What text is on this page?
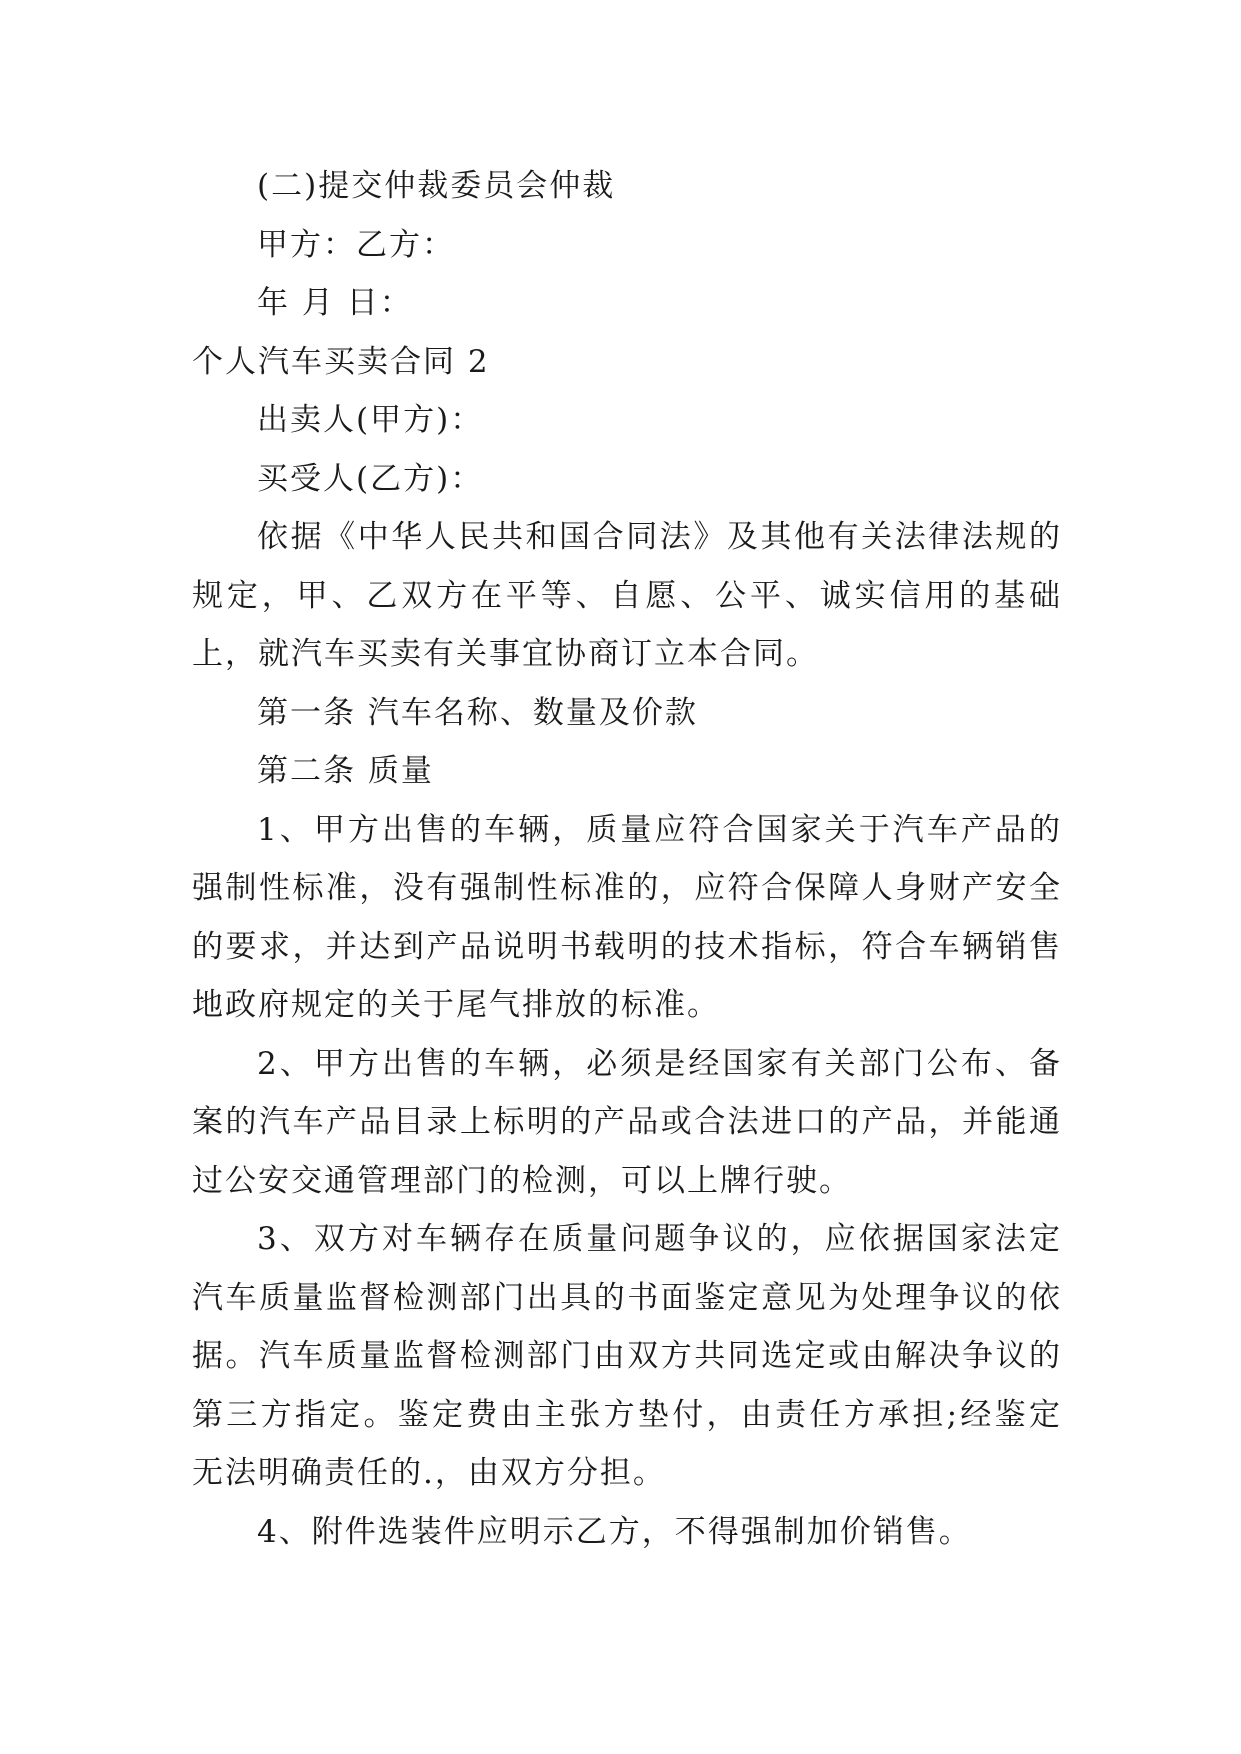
(二)提交仲裁委员会仲裁

甲方：乙方：

年 月 日：

个人汽车买卖合同 2

出卖人(甲方)：

买受人(乙方)：

依据《中华人民共和国合同法》及其他有关法律法规的规定，甲、乙双方在平等、自愿、公平、诚实信用的基础上，就汽车买卖有关事宜协商订立本合同。

第一条 汽车名称、数量及价款

第二条 质量

1、甲方出售的车辆，质量应符合国家关于汽车产品的强制性标准，没有强制性标准的，应符合保障人身财产安全的要求，并达到产品说明书载明的技术指标，符合车辆销售地政府规定的关于尾气排放的标准。

2、甲方出售的车辆，必须是经国家有关部门公布、备案的汽车产品目录上标明的产品或合法进口的产品，并能通过公安交通管理部门的检测，可以上牌行驶。

3、双方对车辆存在质量问题争议的，应依据国家法定汽车质量监督检测部门出具的书面鉴定意见为处理争议的依据。汽车质量监督检测部门由双方共同选定或由解决争议的第三方指定。鉴定费由主张方垫付，由责任方承担;经鉴定无法明确责任的.，由双方分担。

4、附件选装件应明示乙方，不得强制加价销售。
